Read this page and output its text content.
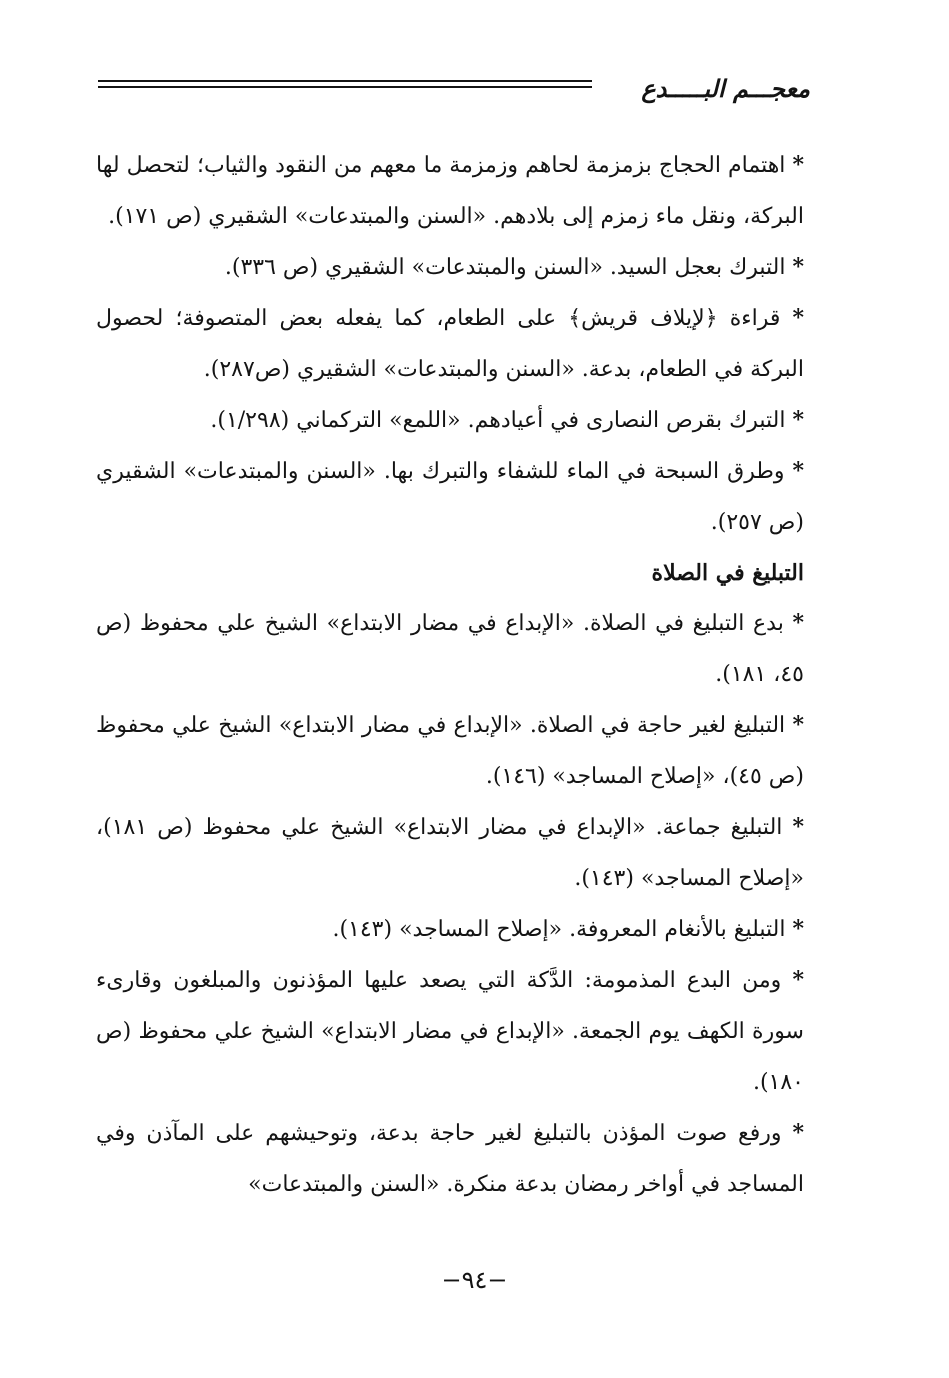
معجـــم البـــــدع

* اهتمام الحجاج بزمزمة لحاهم وزمزمة ما معهم من النقود والثياب؛ لتحصل لها البركة، ونقل ماء زمزم إلى بلادهم. «السنن والمبتدعات» الشقيري (ص ١٧١).

* التبرك بعجل السيد. «السنن والمبتدعات» الشقيري (ص ٣٣٦).

* قراءة ﴿لإيلاف قريش﴾ على الطعام، كما يفعله بعض المتصوفة؛ لحصول البركة في الطعام، بدعة. «السنن والمبتدعات» الشقيري (ص٢٨٧).

* التبرك بقرص النصارى في أعيادهم. «اللمع» التركماني (١/٢٩٨).

* وطرق السبحة في الماء للشفاء والتبرك بها. «السنن والمبتدعات» الشقيري (ص ٢٥٧).

التبليغ في الصلاة

* بدع التبليغ في الصلاة. «الإبداع في مضار الابتداع» الشيخ علي محفوظ (ص ٤٥، ١٨١).

* التبليغ لغير حاجة في الصلاة. «الإبداع في مضار الابتداع» الشيخ علي محفوظ (ص ٤٥)، «إصلاح المساجد» (١٤٦).

* التبليغ جماعة. «الإبداع في مضار الابتداع» الشيخ علي محفوظ (ص ١٨١)، «إصلاح المساجد» (١٤٣).

* التبليغ بالأنغام المعروفة. «إصلاح المساجد» (١٤٣).

* ومن البدع المذمومة: الدَّكة التي يصعد عليها المؤذنون والمبلغون وقارىء سورة الكهف يوم الجمعة. «الإبداع في مضار الابتداع» الشيخ علي محفوظ (ص ١٨٠).

* ورفع صوت المؤذن بالتبليغ لغير حاجة بدعة، وتوحيشهم على المآذن وفي المساجد في أواخر رمضان بدعة منكرة. «السنن والمبتدعات»

−٩٤−
